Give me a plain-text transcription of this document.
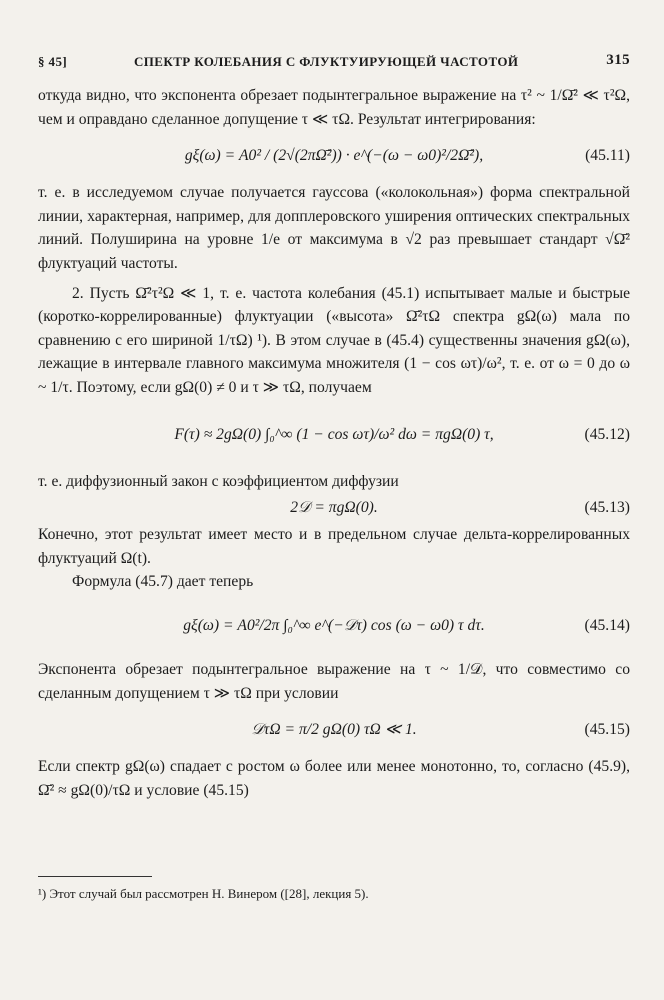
§ 45]	СПЕКТР КОЛЕБАНИЯ С ФЛУКТУИРУЮЩЕЙ ЧАСТОТОЙ	315

откуда видно, что экспонента обрезает подынтегральное выражение на τ² ~ 1/Ω̄² ≪ τ²Ω, чем и оправдано сделанное допущение τ ≪ τΩ. Результат интегрирования:

gξ(ω) = A0² / (2√(2πΩ̄²)) · e^(−(ω − ω0)²/2Ω̄²),	(45.11)

т. е. в исследуемом случае получается гауссова («колокольная») форма спектральной линии, характерная, например, для допплеровского уширения оптических спектральных линий. Полуширина на уровне 1/e от максимума в √2 раз превышает стандарт √Ω̄² флуктуаций частоты.

2. Пусть Ω̄²τ²Ω ≪ 1, т. е. частота колебания (45.1) испытывает малые и быстрые (коротко-коррелированные) флуктуации («высота» Ω̄²τΩ спектра gΩ(ω) мала по сравнению с его шириной 1/τΩ) ¹). В этом случае в (45.4) существенны значения gΩ(ω), лежащие в интервале главного максимума множителя (1 − cos ωτ)/ω², т. е. от ω = 0 до ω ~ 1/τ. Поэтому, если gΩ(0) ≠ 0 и τ ≫ τΩ, получаем

F(τ) ≈ 2gΩ(0) ∫₀^∞ (1 − cos ωτ)/ω² dω = πgΩ(0) τ,	(45.12)

т. е. диффузионный закон с коэффициентом диффузии

2𝒟 = πgΩ(0).	(45.13)

Конечно, этот результат имеет место и в предельном случае дельта-коррелированных флуктуаций Ω(t).

Формула (45.7) дает теперь

gξ(ω) = A0²/2π ∫₀^∞ e^(−𝒟τ) cos (ω − ω0) τ dτ.	(45.14)

Экспонента обрезает подынтегральное выражение на τ ~ 1/𝒟, что совместимо со сделанным допущением τ ≫ τΩ при условии

𝒟τΩ = π/2 gΩ(0) τΩ ≪ 1.	(45.15)

Если спектр gΩ(ω) спадает с ростом ω более или менее монотонно, то, согласно (45.9), Ω̄² ≈ gΩ(0)/τΩ и условие (45.15)

¹) Этот случай был рассмотрен Н. Винером ([28], лекция 5).
